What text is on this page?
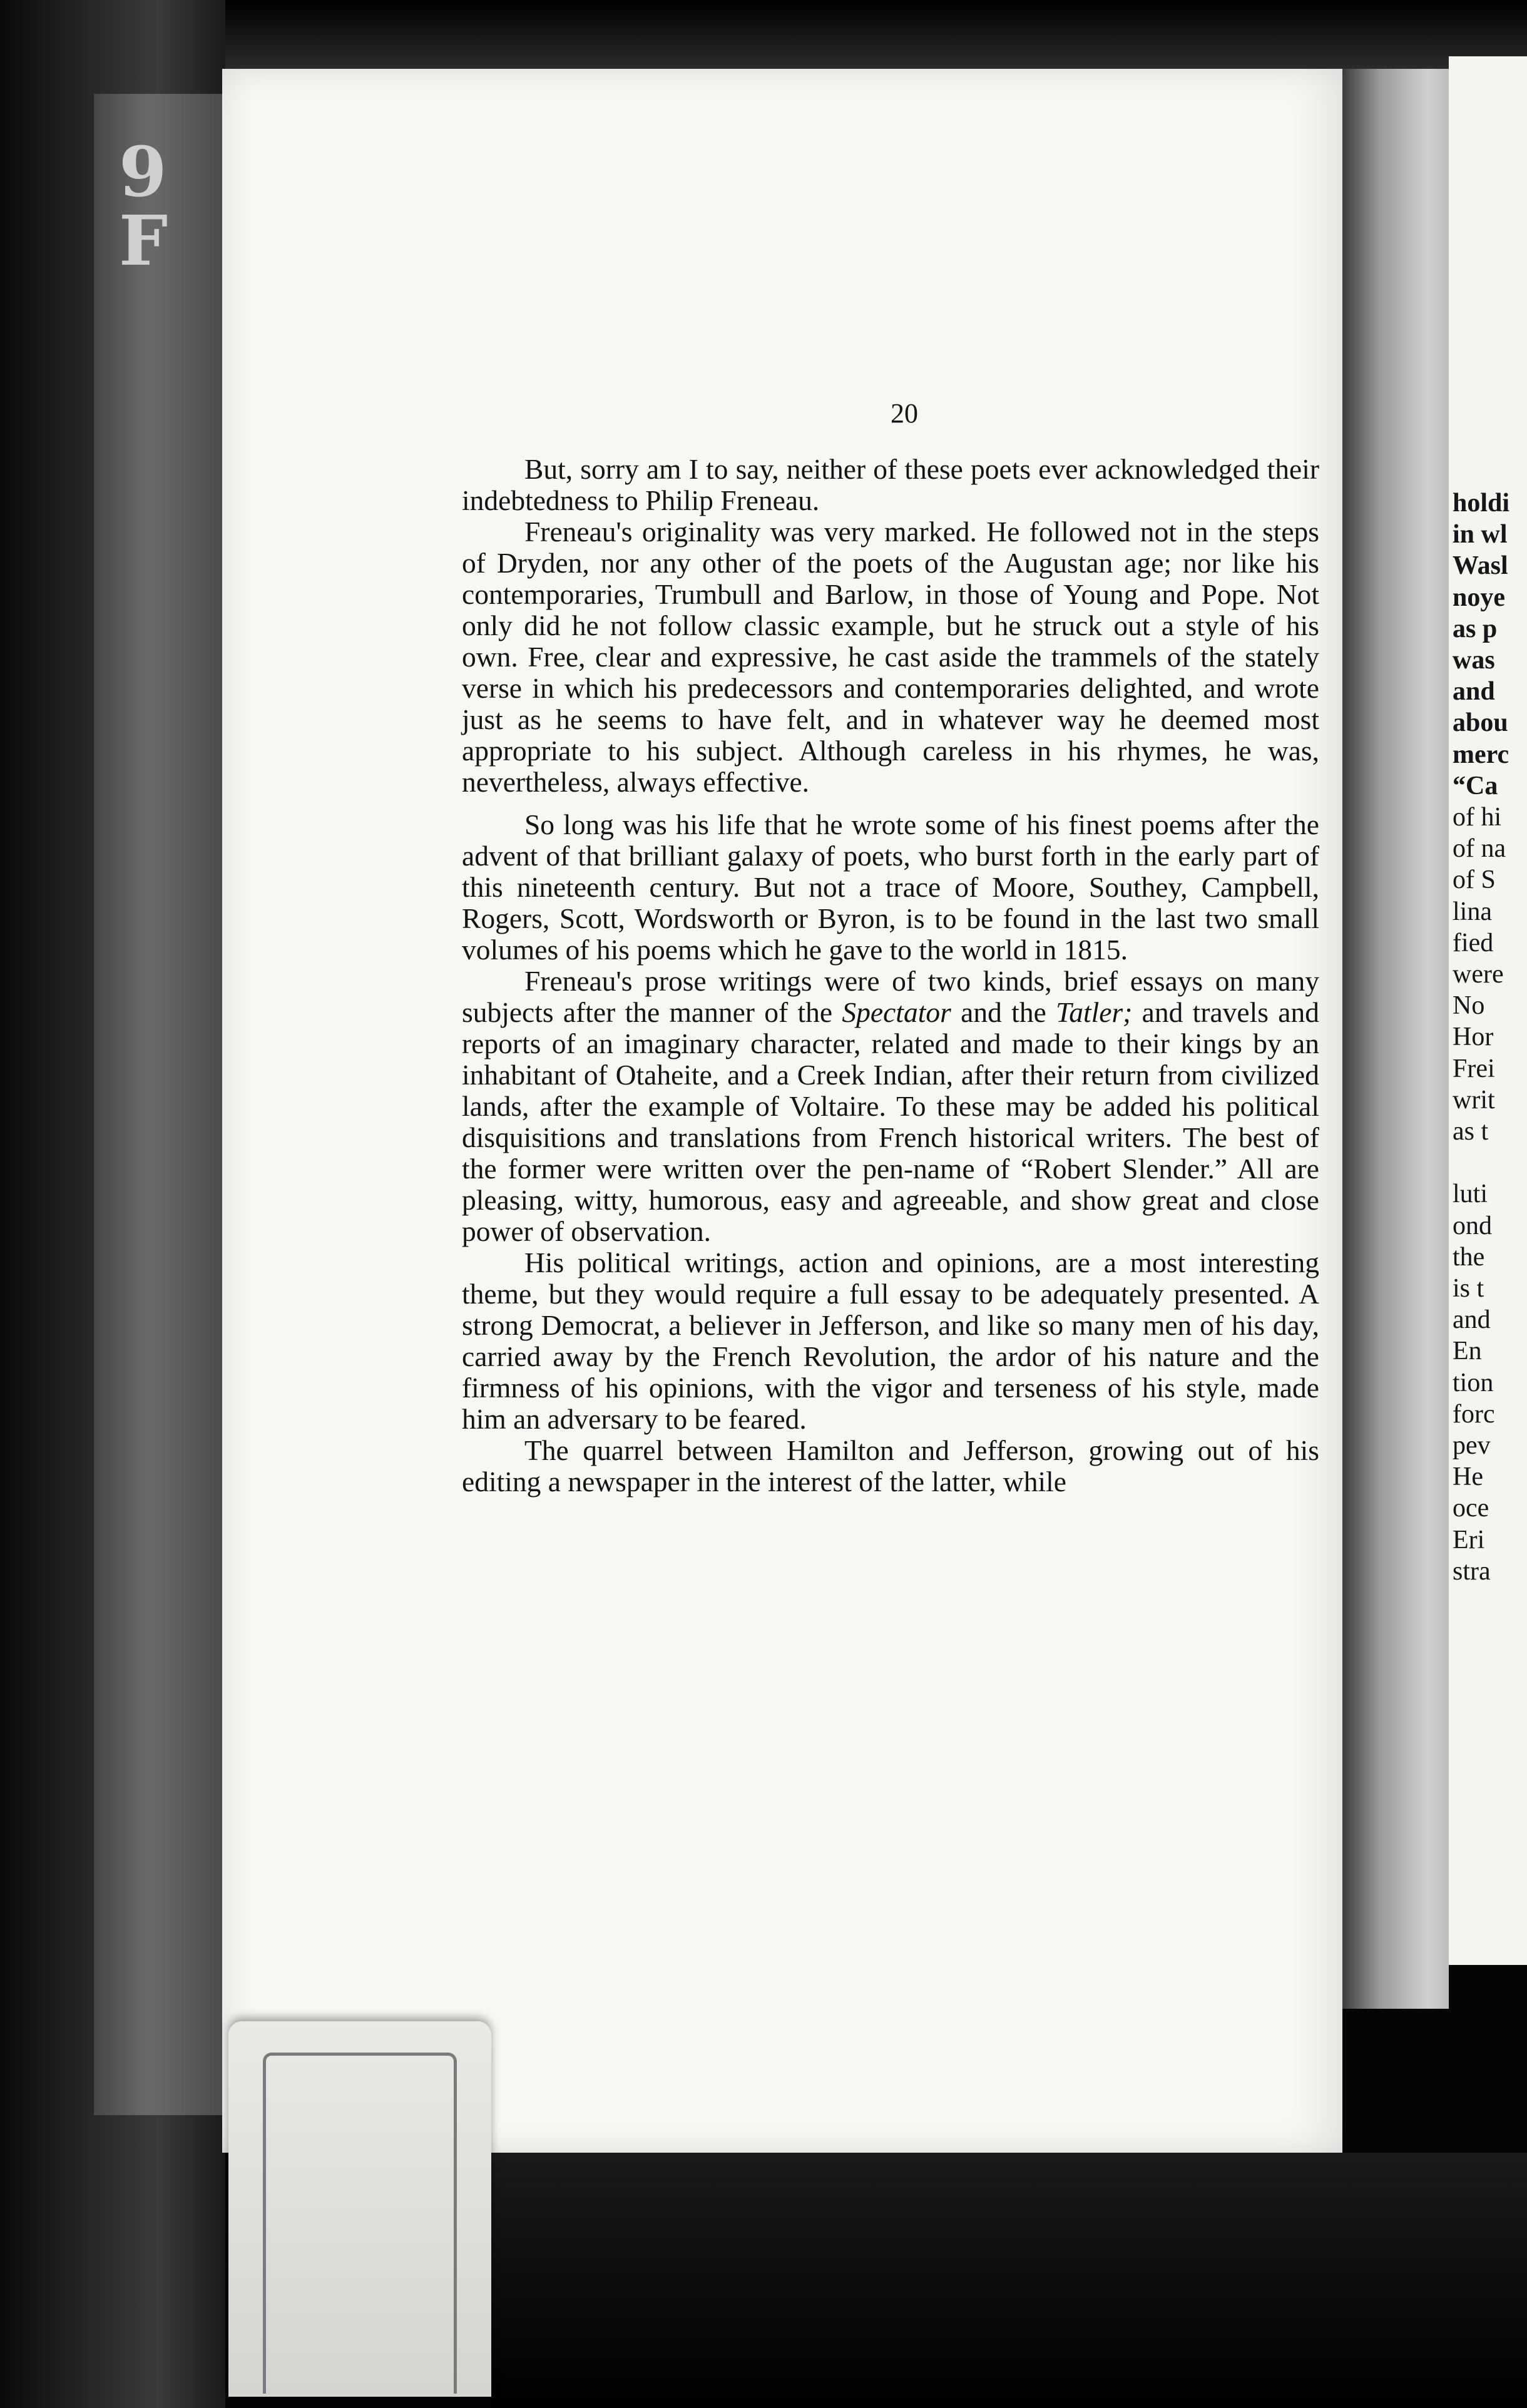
9
F
20

But, sorry am I to say, neither of these poets ever acknowledged their indebtedness to Philip Freneau.

Freneau's originality was very marked. He followed not in the steps of Dryden, nor any other of the poets of the Augustan age; nor like his contemporaries, Trumbull and Barlow, in those of Young and Pope. Not only did he not follow classic example, but he struck out a style of his own. Free, clear and expressive, he cast aside the trammels of the stately verse in which his predecessors and contemporaries delighted, and wrote just as he seems to have felt, and in whatever way he deemed most appropriate to his subject. Although careless in his rhymes, he was, nevertheless, always effective.

So long was his life that he wrote some of his finest poems after the advent of that brilliant galaxy of poets, who burst forth in the early part of this nineteenth century. But not a trace of Moore, Southey, Campbell, Rogers, Scott, Wordsworth or Byron, is to be found in the last two small volumes of his poems which he gave to the world in 1815.

Freneau's prose writings were of two kinds, brief essays on many subjects after the manner of the Spectator and the Tatler; and travels and reports of an imaginary character, related and made to their kings by an inhabitant of Otaheite, and a Creek Indian, after their return from civilized lands, after the example of Voltaire. To these may be added his political disquisitions and translations from French historical writers. The best of the former were written over the pen-name of “Robert Slender.” All are pleasing, witty, humorous, easy and agreeable, and show great and close power of observation.

His political writings, action and opinions, are a most interesting theme, but they would require a full essay to be adequately presented. A strong Democrat, a believer in Jefferson, and like so many men of his day, carried away by the French Revolution, the ardor of his nature and the firmness of his opinions, with the vigor and terseness of his style, made him an adversary to be feared.

The quarrel between Hamilton and Jefferson, growing out of his editing a newspaper in the interest of the latter, while

holdi
in wl
Wasl
noye
as p
was
and
abou
merc
“Ca
of hi
of na
of S
lina
fied
were
No
Hor
Frei
writ
as t
luti
ond
the
is t
and
En
tion
forc
pev
He
oce
Eri
stra
